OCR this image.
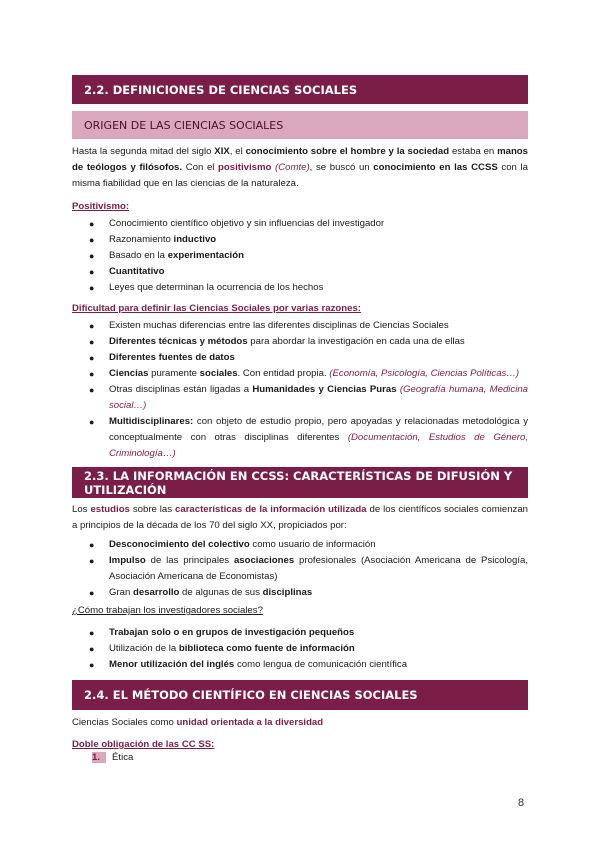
2.2. DEFINICIONES DE CIENCIAS SOCIALES
ORIGEN DE LAS CIENCIAS SOCIALES

Hasta la segunda mitad del siglo XIX, el conocimiento sobre el hombre y la sociedad estaba en manos de teólogos y filósofos. Con el positivismo (Comte), se buscó un conocimiento en las CCSS con la misma fiabilidad que en las ciencias de la naturaleza.

Positivismo:

● Conocimiento científico objetivo y sin influencias del investigador
● Razonamiento inductivo
● Basado en la experimentación
● Cuantitativo
● Leyes que determinan la ocurrencia de los hechos

Dificultad para definir las Ciencias Sociales por varias razones:

● Existen muchas diferencias entre las diferentes disciplinas de Ciencias Sociales
● Diferentes técnicas y métodos para abordar la investigación en cada una de ellas
● Diferentes fuentes de datos
● Ciencias puramente sociales. Con entidad propia. (Economía, Psicología, Ciencias Políticas…)
● Otras disciplinas están ligadas a Humanidades y Ciencias Puras (Geografía humana, Medicina social…)
● Multidisciplinares: con objeto de estudio propio, pero apoyadas y relacionadas metodológica y conceptualmente con otras disciplinas diferentes (Documentación, Estudios de Género, Criminología…)
2.3. LA INFORMACIÓN EN CCSS: CARACTERÍSTICAS DE DIFUSIÓN Y UTILIZACIÓN

Los estudios sobre las características de la información utilizada de los científicos sociales comienzan a principios de la década de los 70 del siglo XX, propiciados por:

● Desconocimiento del colectivo como usuario de información
● Impulso de las principales asociaciones profesionales (Asociación Americana de Psicología, Asociación Americana de Economistas)
● Gran desarrollo de algunas de sus disciplinas

¿Cómo trabajan los investigadores sociales?

● Trabajan solo o en grupos de investigación pequeños
● Utilización de la biblioteca como fuente de información
● Menor utilización del inglés como lengua de comunicación científica
2.4. EL MÉTODO CIENTÍFICO EN CIENCIAS SOCIALES

Ciencias Sociales como unidad orientada a la diversidad

Doble obligación de las CC SS:

1.	Ética
8
